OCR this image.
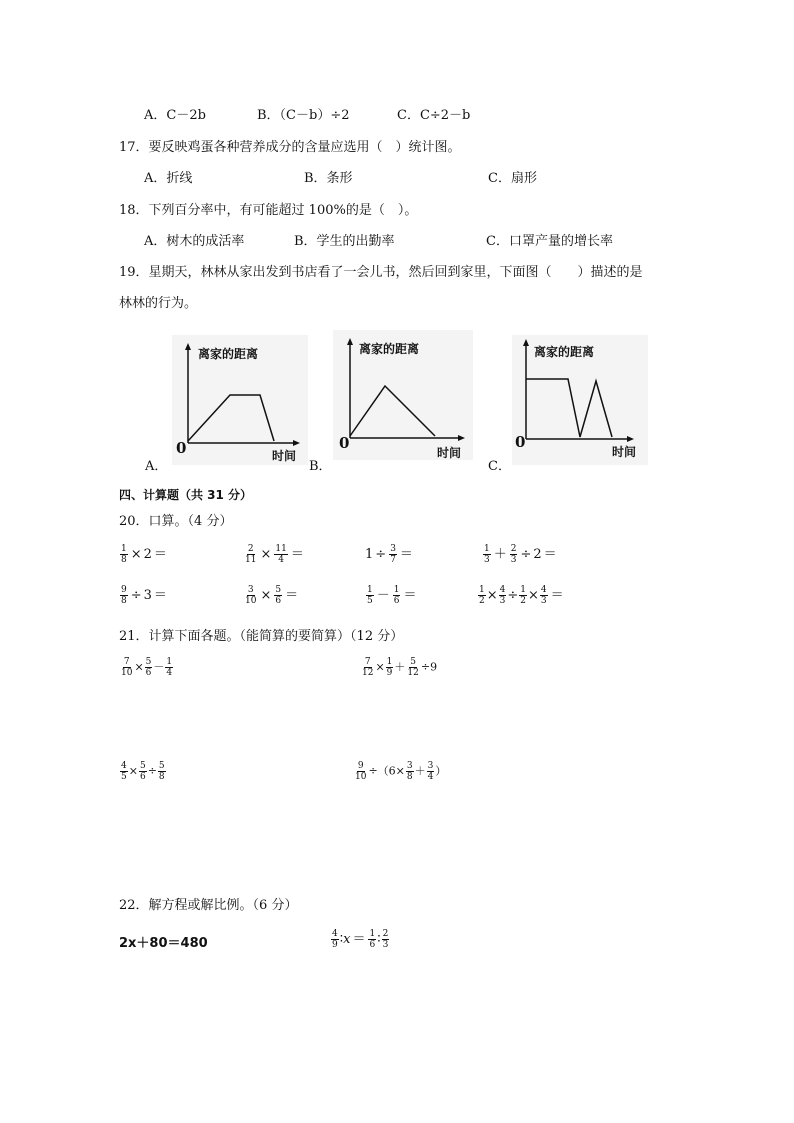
A．C－2b	B．（C－b）÷2	C．C÷2－b
17．要反映鸡蛋各种营养成分的含量应选用（　）统计图。
A．折线	B．条形	C．扇形
18．下列百分率中，有可能超过 100%的是（　）。
A．树木的成活率	B．学生的出勤率	C．口罩产量的增长率
19．星期天，林林从家出发到书店看了一会儿书，然后回到家里，下面图（　　）描述的是
林林的行为。
离家的距离
0	时间
A．
离家的距离
0
时间
B．
离家的距离
0
时间
C．
四、计算题（共 31 分）
20．口算。（4 分）
$\frac{1}{8} \times 2$ ＝	$\frac{2}{11} \times \frac{11}{4}$ ＝	$1 \div \frac{3}{7}$ ＝	$\frac{1}{3} + \frac{2}{3} \div 2$ ＝
$\frac{9}{8} \div 3$ ＝	$\frac{3}{10} \times \frac{5}{6}$ ＝	$\frac{1}{5} - \frac{1}{6}$ ＝	$\frac{1}{2} \times \frac{4}{3} \div \frac{1}{2} \times \frac{4}{3}$ ＝
21．计算下面各题。（能简算的要简算）（12 分）
$\frac{7}{10} \times \frac{5}{6} - \frac{1}{4}$	$\frac{7}{12} \times \frac{1}{9} + \frac{5}{12} \div 9$
$\frac{4}{5} \times \frac{5}{6} \div \frac{5}{8}$	$\frac{9}{10} \div(6\times \frac{3}{8} + \frac{3}{4}$ ）
22．解方程或解比例。（6 分）
2x＋80＝480	$\frac{4}{9}$ ∶x ＝ $\frac{1}{6}$ ∶ $\frac{2}{3}$
